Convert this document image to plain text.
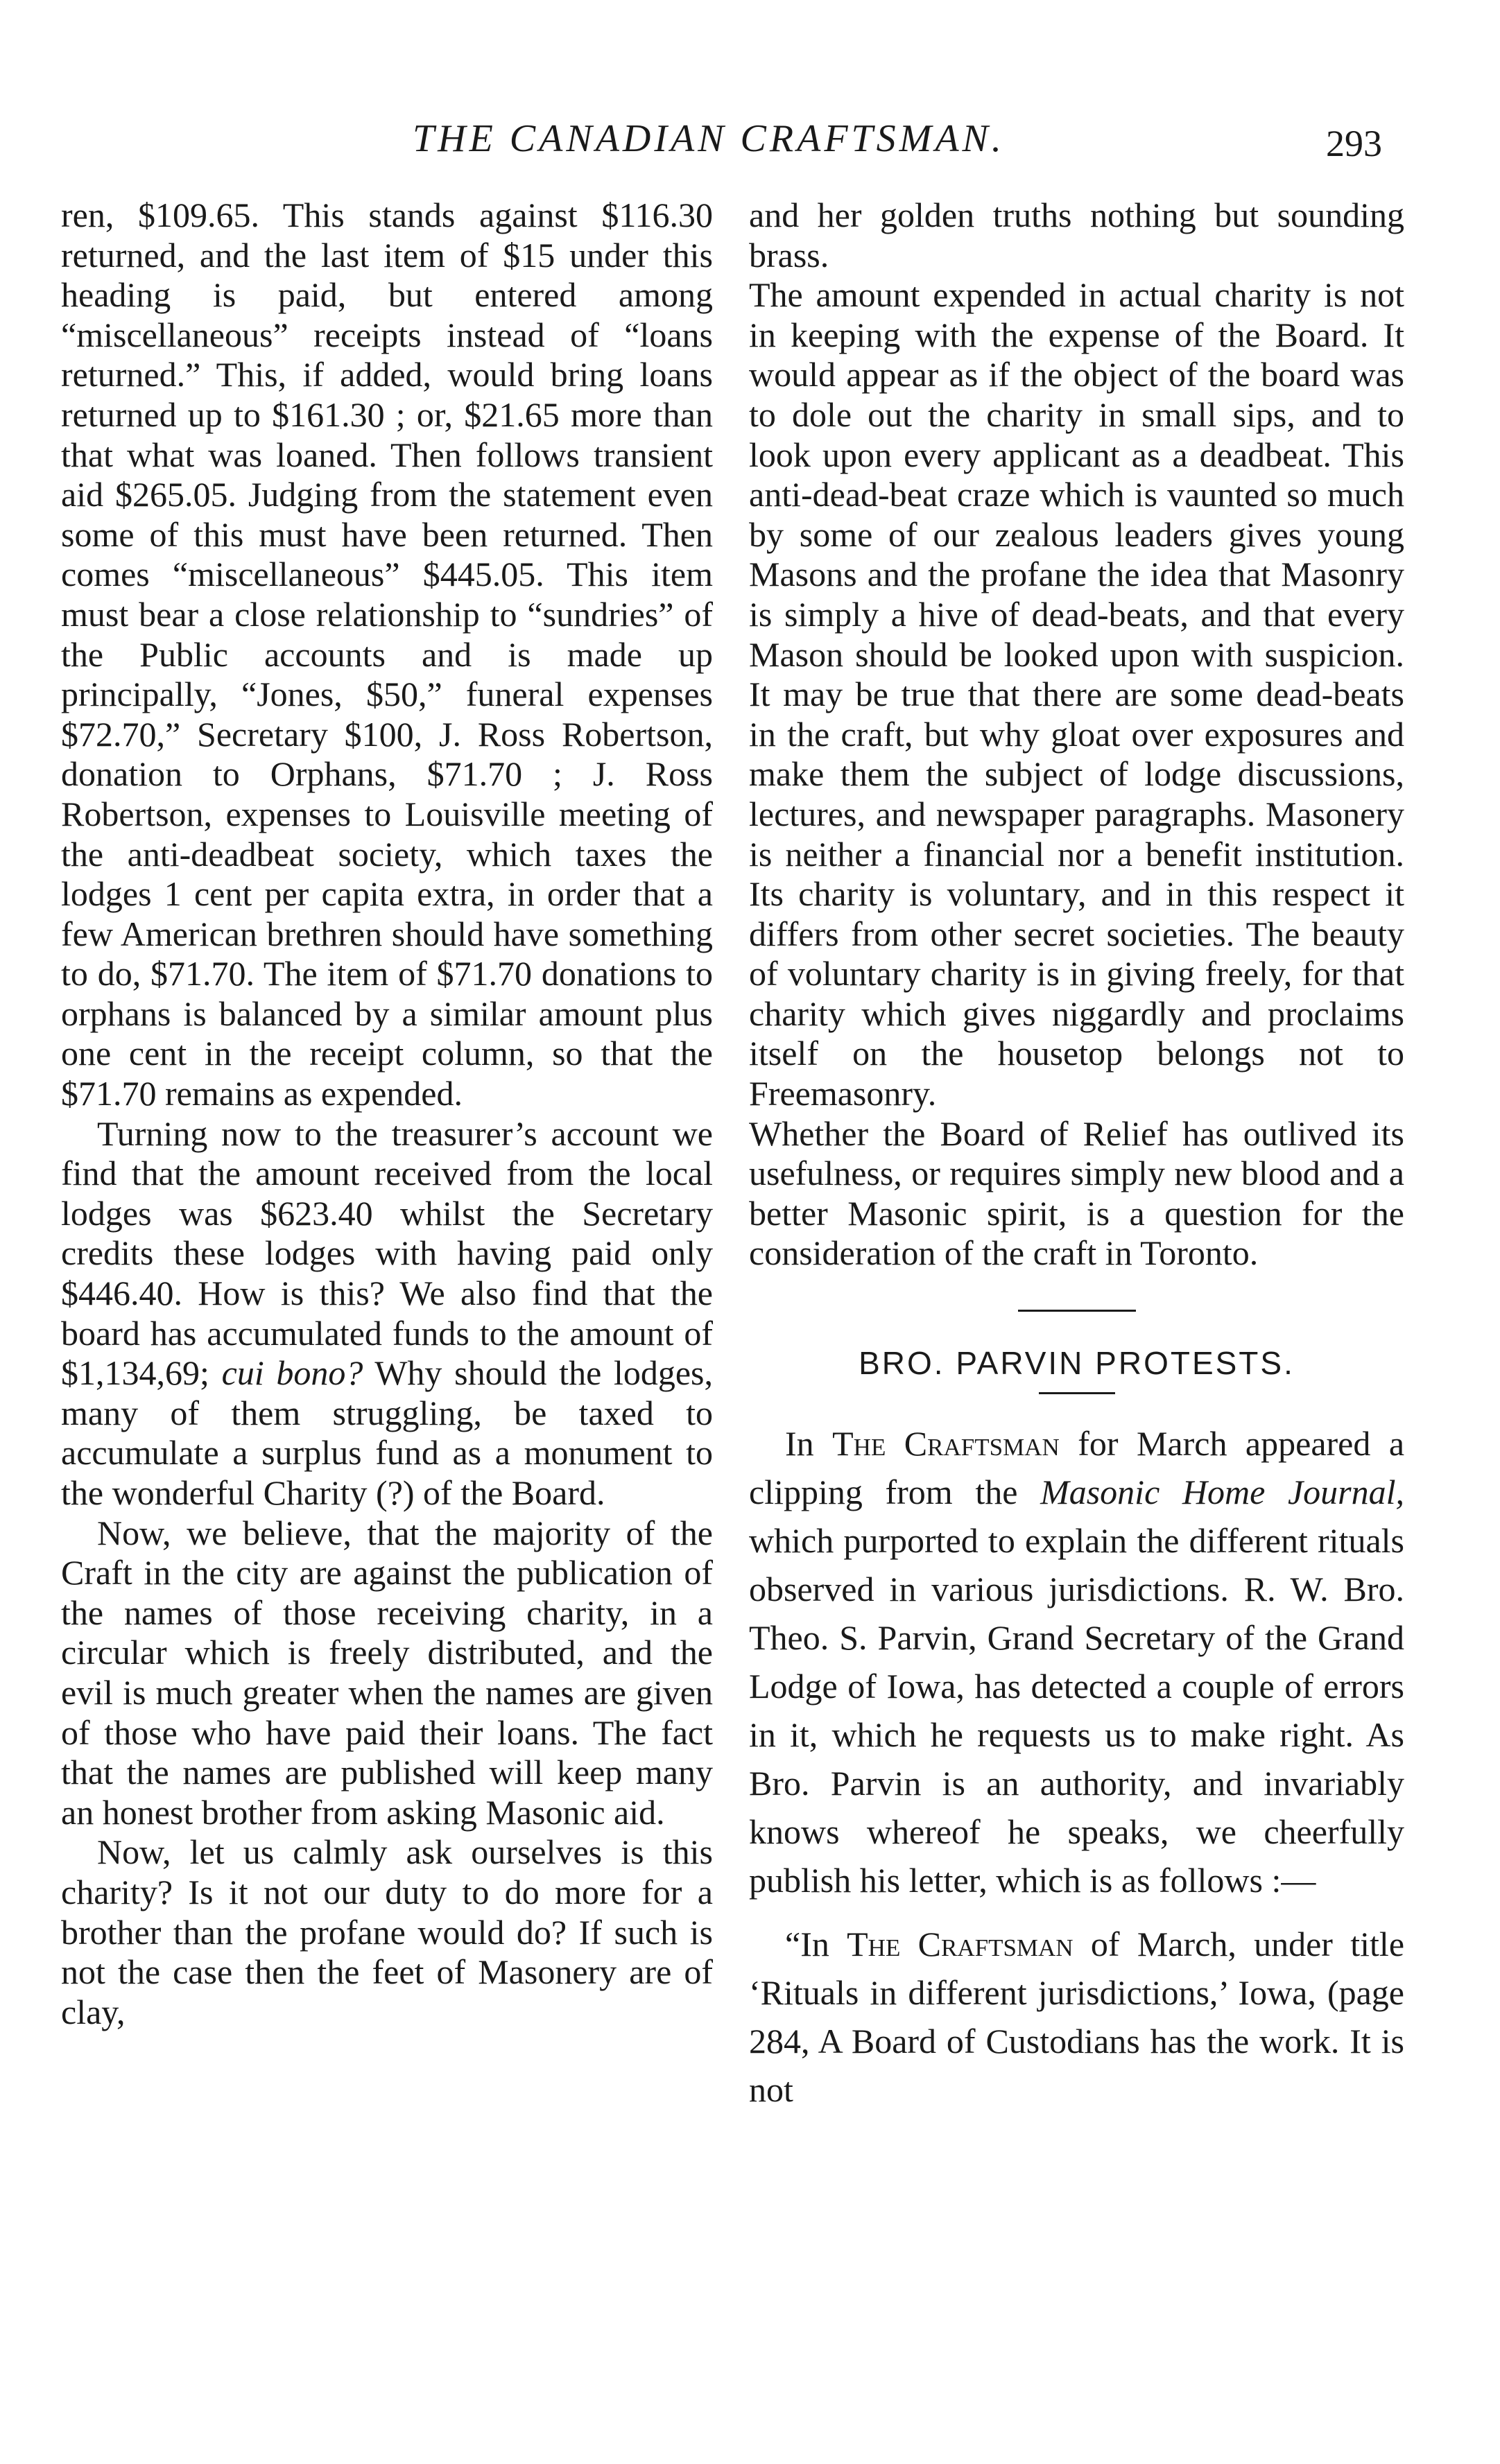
THE CANADIAN CRAFTSMAN.	293

ren, $109.65. This stands against $116.30 returned, and the last item of $15 under this heading is paid, but entered among “miscellaneous” receipts instead of “loans returned.” This, if added, would bring loans returned up to $161.30 ; or, $21.65 more than that what was loaned. Then follows transient aid $265.05. Judging from the statement even some of this must have been returned. Then comes “miscellaneous” $445.05. This item must bear a close relationship to “sundries” of the Public accounts and is made up principally, “Jones, $50,” funeral expenses $72.70,” Secretary $100, J. Ross Robertson, donation to Orphans, $71.70 ; J. Ross Robertson, expenses to Louisville meeting of the anti-deadbeat society, which taxes the lodges 1 cent per capita extra, in order that a few American brethren should have something to do, $71.70. The item of $71.70 donations to orphans is balanced by a similar amount plus one cent in the receipt column, so that the $71.70 remains as expended.

Turning now to the treasurer’s account we find that the amount received from the local lodges was $623.40 whilst the Secretary credits these lodges with having paid only $446.40. How is this? We also find that the board has accumulated funds to the amount of $1,134,69; cui bono? Why should the lodges, many of them struggling, be taxed to accumulate a surplus fund as a monument to the wonderful Charity (?) of the Board.

Now, we believe, that the majority of the Craft in the city are against the publication of the names of those receiving charity, in a circular which is freely distributed, and the evil is much greater when the names are given of those who have paid their loans. The fact that the names are published will keep many an honest brother from asking Masonic aid.

Now, let us calmly ask ourselves is this charity? Is it not our duty to do more for a brother than the profane would do? If such is not the case then the feet of Masonery are of clay,

and her golden truths nothing but sounding brass.

The amount expended in actual charity is not in keeping with the expense of the Board. It would appear as if the object of the board was to dole out the charity in small sips, and to look upon every applicant as a deadbeat. This anti-dead-beat craze which is vaunted so much by some of our zealous leaders gives young Masons and the profane the idea that Masonry is simply a hive of dead-beats, and that every Mason should be looked upon with suspicion. It may be true that there are some dead-beats in the craft, but why gloat over exposures and make them the subject of lodge discussions, lectures, and newspaper paragraphs. Masonery is neither a financial nor a benefit institution. Its charity is voluntary, and in this respect it differs from other secret societies. The beauty of voluntary charity is in giving freely, for that charity which gives niggardly and proclaims itself on the housetop belongs not to Freemasonry.

Whether the Board of Relief has outlived its usefulness, or requires simply new blood and a better Masonic spirit, is a question for the consideration of the craft in Toronto.

BRO. PARVIN PROTESTS.

In The Craftsman for March appeared a clipping from the Masonic Home Journal, which purported to explain the different rituals observed in various jurisdictions. R. W. Bro. Theo. S. Parvin, Grand Secretary of the Grand Lodge of Iowa, has detected a couple of errors in it, which he requests us to make right. As Bro. Parvin is an authority, and invariably knows whereof he speaks, we cheerfully publish his letter, which is as follows :—

“In The Craftsman of March, under title ‘Rituals in different jurisdictions,’ Iowa, (page 284, A Board of Custodians has the work. It is not
